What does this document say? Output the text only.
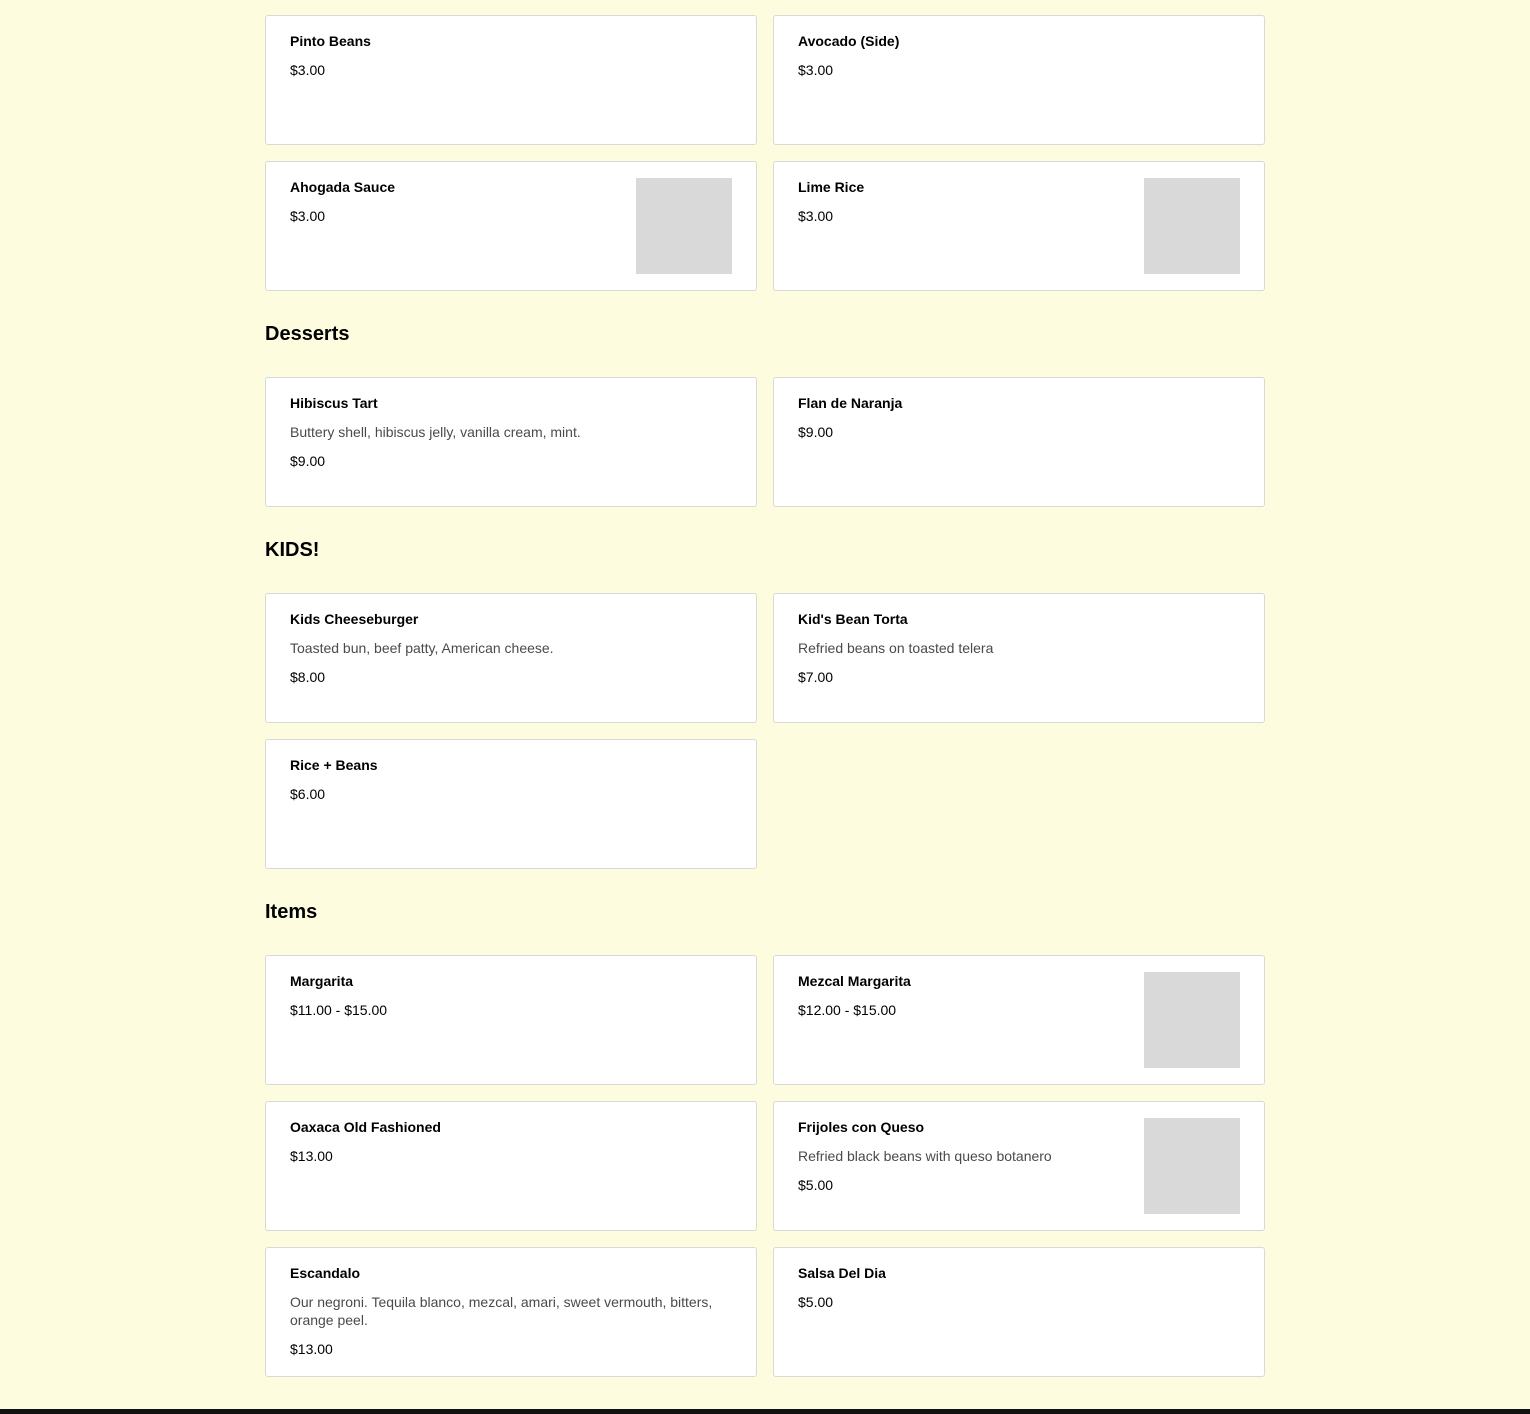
Pinto Beans
$3.00
Avocado (Side)
$3.00
Ahogada Sauce
$3.00
Lime Rice
$3.00
Desserts
Hibiscus Tart
Buttery shell, hibiscus jelly, vanilla cream, mint.
$9.00
Flan de Naranja
$9.00
KIDS!
Kids Cheeseburger
Toasted bun, beef patty, American cheese.
$8.00
Kid's Bean Torta
Refried beans on toasted telera
$7.00
Rice + Beans
$6.00
Items
Margarita
$11.00 - $15.00
Mezcal Margarita
$12.00 - $15.00
Oaxaca Old Fashioned
$13.00
Frijoles con Queso
Refried black beans with queso botanero
$5.00
Escandalo
Our negroni. Tequila blanco, mezcal, amari, sweet vermouth, bitters, orange peel.
$13.00
Salsa Del Dia
$5.00
